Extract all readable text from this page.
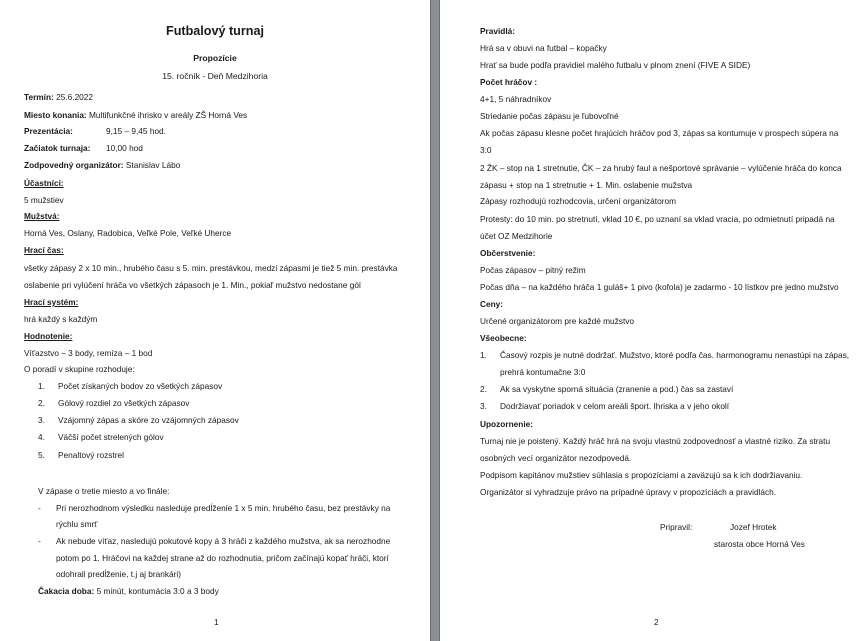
Futbalový turnaj
Propozície
15. ročník - Deň Medzihoria
Termín: 25.6.2022
Miesto konania: Multifunkčné ihrisko v areály ZŠ Horná Ves
Prezentácia:	9,15 – 9,45 hod.
Začiatok turnaja: 10,00 hod
Zodpovedný organizátor: Stanislav Lábo
Účastníci:
5 mužstiev
Mužstvá:
Horná Ves, Oslany, Radobica, Veľké Pole, Veľké Uherce
Hrací čas:
všetky zápasy 2 x 10 min., hrubého času s 5. min. prestávkou, medzi zápasmi je tiež 5 min. prestávka
oslabenie pri vylúčení hráča vo všetkých zápasoch je 1. Min., pokiaľ mužstvo nedostane gól
Hrací systém:
hrá každý s každým
Hodnotenie:
Víťazstvo – 3 body, remíza – 1 bod
O poradí v skupine rozhoduje:
1. Počet získaných bodov zo všetkých zápasov
2. Gólový rozdiel zo všetkých zápasov
3. Vzájomný zápas a skóre zo vzájomných zápasov
4. Väčší počet strelených gólov
5. Penaltový rozstrel
V zápase o tretie miesto a vo finále:
- Pri nerozhodnom výsledku nasleduje predĺženie 1 x 5 min. hrubého času, bez prestávky na
rýchlu smrť
- Ak nebude víťaz, nasledujú pokutové kopy á 3 hráči z každého mužstva, ak sa nerozhodne
potom po 1. Hráčovi na každej strane až do rozhodnutia, pričom začínajú kopať hráči, ktorí
odohrali predĺženie, t.j aj brankári)
Čakacia doba: 5 minút, kontumácia 3:0 a 3 body
1
Pravidlá:
Hrá sa v obuvi na futbal – kopačky
Hrať sa bude podľa pravidiel malého futbalu v plnom znení (FIVE A SIDE)
Počet hráčov :
4+1, 5 náhradníkov
Striedanie počas zápasu je ľubovoľné
Ak počas zápasu klesne počet hrajúcich hráčov pod 3, zápas sa kontumuje v prospech súpera na
3:0
2 ŽK – stop na 1 stretnutie, ČK – za hrubý faul a nešportové správanie – vylúčenie hráča do konca
zápasu + stop na 1 stretnutie + 1. Min. oslabenie mužstva
Zápasy rozhodujú rozhodcovia, určení organizátorom
Protesty: do 10 min. po stretnutí, vklad 10 €, po uznaní sa vklad vracia, po odmietnutí pripadá na
účet OZ Medzihorie
Občerstvenie:
Počas zápasov – pitný režim
Počas dňa – na každého hráča 1 guláš+ 1 pivo (kofola) je zadarmo - 10 lístkov pre jedno mužstvo
Ceny:
Určené organizátorom pre každé mužstvo
Všeobecne:
1. Časový rozpis je nutné dodržať. Mužstvo, ktoré podľa čas. harmonogramu nenastúpi na zápas,
prehrá kontumačne 3:0
2. Ak sa vyskytne sporná situácia (zranenie a pod.) čas sa zastaví
3. Dodržiavať poriadok v celom areáli šport. Ihriska a v jeho okolí
Upozornenie:
Turnaj nie je poistený. Každý hráč hrá na svoju vlastnú zodpovednosť a vlastné riziko. Za stratu
osobných vecí organizátor nezodpovedá.
Podpisom kapitánov mužstiev súhlasia s propozíciami a zaväzujú sa k ich dodržiavaniu.
Organizátor si vyhradzuje právo na prípadné úpravy v propozíciách a pravidlách.
Pripravil:	Jozef Hrotek
starosta obce Horná Ves
2
